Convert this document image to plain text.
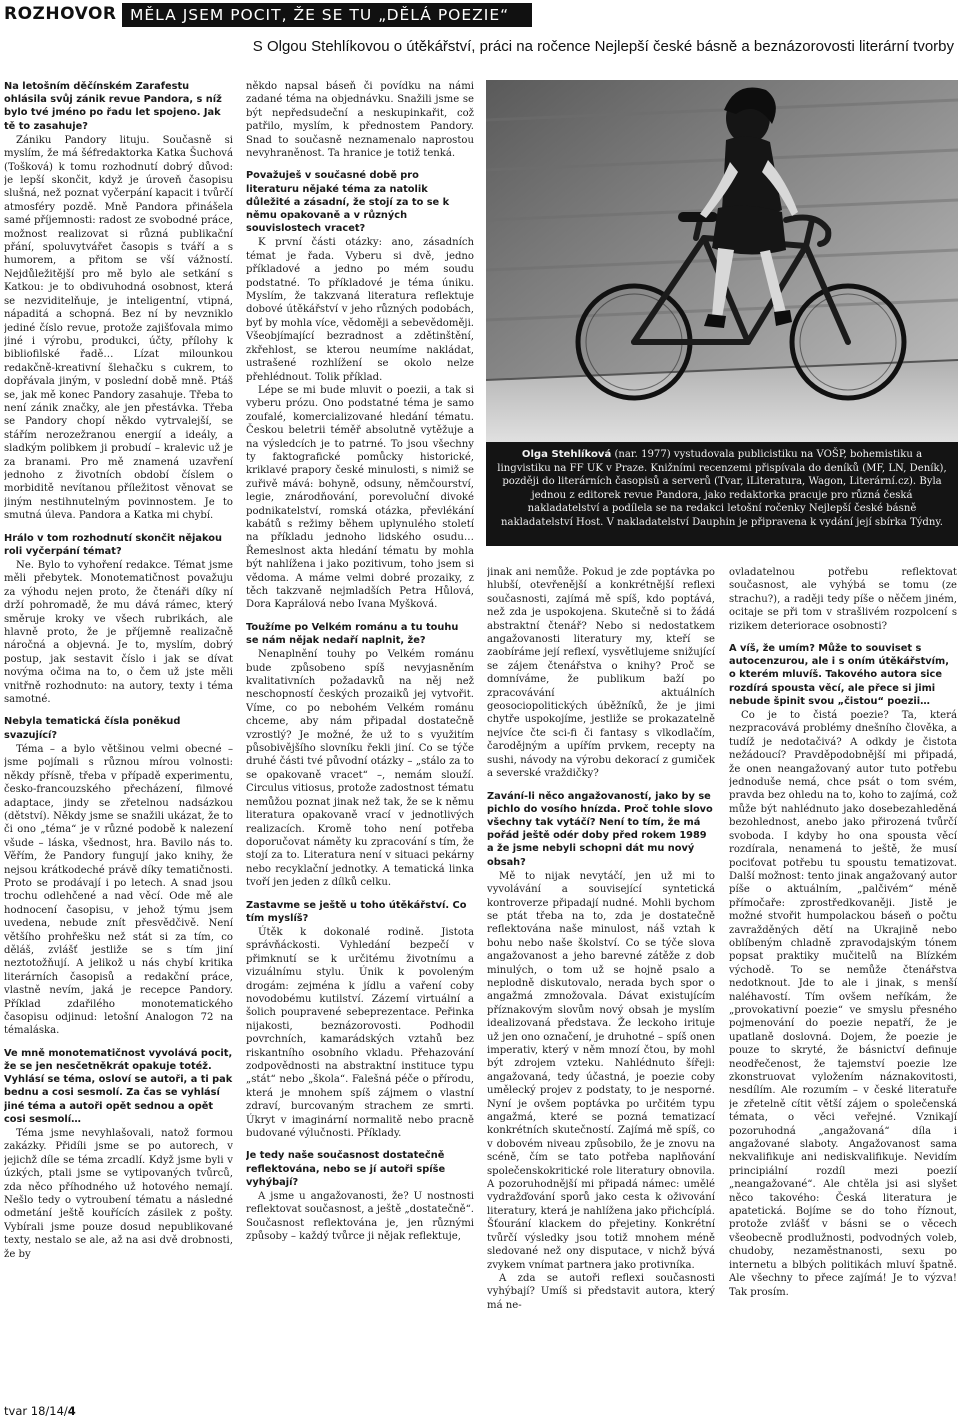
ROZHOVOR MĚLA JSEM POCIT, ŽE SE TU „DĚLÁ POEZIE“
S Olgou Stehlíkovou o útěkářství, práci na ročence Nejlepší české básně a beznázorovosti literární tvorby

Na letošním děčínském Zarafestu ohlásila svůj zánik revue Pandora, s níž bylo tvé jméno po řadu let spojeno. Jak tě to zasahuje?

Zániku Pandory lituju. Současně si myslím, že má šéfredaktorka Katka Šuchová (Tošková) k tomu rozhodnutí dobrý důvod: je lepší skončit, když je úroveň časopisu slušná, než poznat vyčerpání kapacit i tvůrčí atmosféry pozdě. Mně Pandora přinášela samé příjemnosti: radost ze svobodné práce, možnost realizovat si různá publikační přání, spoluvytvářet časopis s tváří a s humorem, a přitom se vší vážností. Nejdůležitější pro mě bylo ale setkání s Katkou: je to obdivuhodná osobnost, která se nezviditelňuje, je inteligentní, vtipná, nápaditá a schopná. Bez ní by nevzniklo jediné číslo revue, protože zajišťovala mimo jiné i výrobu, produkci, účty, přílohy k bibliofilské řadě… Lízat milounkou redakčně-kreativní šlehačku s cukrem, to dopřávala jiným, v poslední době mně. Ptáš se, jak mě konec Pandory zasahuje. Třeba to není zánik značky, ale jen přestávka. Třeba se Pandory chopí někdo vytrvalejší, se stářím nerozežranou energií a ideály, a sladkým polibkem ji probudí – kralevic už je za branami. Pro mě znamená uzavření jednoho z životních období číslem o morbiditě nevítanou příležitost věnovat se jiným nestihnutelným povinnostem. Je to smutná úleva. Pandora a Katka mi chybí.

Hrálo v tom rozhodnutí skončit nějakou roli vyčerpání témat?

Ne. Bylo to vyhoření redakce. Témat jsme měli přebytek. Monotematičnost považuju za výhodu nejen proto, že čtenáři díky ní drží pohromadě, že mu dává rámec, který směruje kroky ve všech rubrikách, ale hlavně proto, že je příjemně realizačně náročná a objevná. Je to, myslím, dobrý postup, jak sestavit číslo i jak se dívat novýma očima na to, o čem už jste měli vnitřně rozhodnuto: na autory, texty i téma samotné.

Nebyla tematická čísla poněkud svazující?

Téma – a bylo většinou velmi obecné – jsme pojímali s různou mírou volnosti: někdy přísně, třeba v případě experimentu, česko-francouzského přecházení, filmové adaptace, jindy se zřetelnou nadsázkou (dětství). Někdy jsme se snažili ukázat, že to či ono „téma“ je v různé podobě k nalezení všude – láska, všednost, hra. Bavilo nás to. Věřím, že Pandory fungují jako knihy, že nejsou krátkodeché právě díky tematičnosti. Proto se prodávají i po letech. A snad jsou trochu odlehčené a nad věcí. Ode mě ale hodnocení časopisu, v jehož týmu jsem uvedena, nebude znít přesvědčivě. Není většího prohřešku než stát si za tím, co děláš, zvlášť jestliže se s tím jiní neztotožňují. A jelikož u nás chybí kritika literárních časopisů a redakční práce, vlastně nevím, jaká je recepce Pandory. Příklad zdařilého monotematického časopisu odjinud: letošní Analogon 72 na témaláska.

Ve mně monotematičnost vyvolává pocit, že se jen nesčetněkrát opakuje totéž. Vyhlásí se téma, osloví se autoři, a ti pak bednu a cosi sesmolí. Za čas se vyhlásí jiné téma a autoři opět sednou a opět cosi sesmolí…

Téma jsme nevyhlašovali, natož formou zakázky. Přidíli jsme se po autorech, v jejichž díle se téma zrcadlí. Když jsme byli v úzkých, ptali jsme se vytipovaných tvůrců, zda něco příhodného už hotového nemají. Nešlo tedy o vytroubení tématu a následné odmetání ještě kouřících zásilek z pošty. Vybírali jsme pouze dosud nepublikované texty, nestalo se ale, až na asi dvě drobnosti, že by

někdo napsal báseň či povídku na námi zadané téma na objednávku. Snažili jsme se být nepředsudeční a neskupinkařit, což patřilo, myslím, k přednostem Pandory. Snad to současně neznamenalo naprostou nevyhraněnost. Ta hranice je totiž tenká.

Považuješ v současné době pro literaturu nějaké téma za natolik důležité a zásadní, že stojí za to se k němu opakovaně a v různých souvislostech vracet?

K první části otázky: ano, zásadních témat je řada. Vyberu si dvě, jedno příkladové a jedno po mém soudu podstatné. To příkladové je téma úniku. Myslím, že takzvaná literatura reflektuje dobové útěkářství v jeho různých podobách, byť by mohla více, vědoměji a sebevědoměji. Všeobjímající bezradnost a zdětinštění, zkřehlost, se kterou neumíme nakládat, ustrašené rozhlížení se okolo nelze přehlédnout. Tolik příklad.

Lépe se mi bude mluvit o poezii, a tak si vyberu prózu. Ono podstatné téma je samo zoufalé, komercializované hledání tématu. Českou beletrii téměř absolutně vytěžuje a na výsledcích je to patrné. To jsou všechny ty faktografické pomůcky historické, kriklavé prapory české minulosti, s nimiž se zuřivě mává: bohyně, odsuny, němčourství, legie, znárodňování, porevoluční divoké podnikatelství, romská otázka, převlékání kabátů s režimy během uplynulého století na příkladu jednoho lidského osudu… Řemeslnost akta hledání tématu by mohla být nahlížena i jako pozitivum, toho jsem si vědoma. A máme velmi dobré prozaiky, z těch takzvaně nejmladších Petra Hůlová, Dora Kaprálová nebo Ivana Myšková.

Toužíme po Velkém románu a tu touhu se nám nějak nedaří naplnit, že?

Nenaplnění touhy po Velkém románu bude způsobeno spíš nevyjasněním kvalitativních požadavků na něj než neschopností českých prozaiků jej vytvořit. Víme, co po nebohém Velkém románu chceme, aby nám připadal dostatečně vzrostlý? Je možné, že už to s využitím působivějšího slovníku řekli jiní. Co se týče druhé části tvé původní otázky – „stálo za to se opakovaně vracet“ –, nemám slouží. Circulus vitiosus, protože zadostnost tématu nemůžou poznat jinak než tak, že se k němu literatura opakovaně vrací v jednotlivých realizacích. Kromě toho není potřeba doporučovat náměty ku zpracování s tím, že stojí za to. Literatura není v situaci pekárny nebo recyklační jednotky. A tematická linka tvoří jen jeden z dílků celku.

Zastavme se ještě u toho útěkářství. Co tím myslíš?

Útěk k dokonalé rodině. Jistota správňáckosti. Vyhledání bezpečí v přimknutí se k určitému životnímu a vizuálnímu stylu. Únik k povoleným drogám: zejména k jídlu a vaření coby novodobému kutilství. Zázemí virtuální a šolich poupravené sebeprezentace. Peřinka nijakosti, beznázorovosti. Podhodil povrchních, kamarádských vztahů bez riskantního osobního vkladu. Přehazování zodpovědnosti na abstraktní instituce typu „stát“ nebo „škola“. Falešná péče o přírodu, která je mnohem spíš zájmem o vlastní zdraví, burcovaným strachem ze smrti. Úkryt v imaginární normalitě nebo pracně budované výlučnosti. Příklady.

Je tedy naše současnost dostatečně reflektována, nebo se jí autoři spíše vyhýbají?

A jsme u angažovanosti, že? U nostnosti reflektovat současnost, a ještě „dostatečně“. Současnost reflektována je, jen různými způsoby – každý tvůrce ji nějak reflektuje,

Olga Stehlíková (nar. 1977) vystudovala publicistiku na VOŠP, bohemistiku a lingvistiku na FF UK v Praze. Knižními recenzemi přispívala do deníků (MF, LN, Deník), později do literárních časopisů a serverů (Tvar, iLiteratura, Wagon, Literární.cz). Byla jednou z editorek revue Pandora, jako redaktorka pracuje pro různá česká nakladatelství a podílela se na redakci letošní ročenky Nejlepší české básně nakladatelství Host. V nakladatelství Dauphin je připravena k vydání její sbírka Týdny.

jinak ani nemůže. Pokud je zde poptávka po hlubší, otevřenější a konkrétnější reflexi současnosti, zajímá mě spíš, kdo poptává, než zda je uspokojena. Skutečně si to žádá abstraktní čtenář? Nebo si nedostatkem angažovanosti literatury my, kteří se zaobíráme její reflexí, vysvětlujeme snižující se zájem čtenářstva o knihy? Proč se domníváme, že publikum baží po zpracovávání aktuálních geosociopolitických úběžníků, že je jimi chytře uspokojíme, jestliže se prokazatelně nejvíce čte sci-fi či fantasy s vlkodlačím, čarodějným a upířím prvkem, recepty na sushi, návody na výrobu dekorací z gumiček a severské vraždičky?

Zavání-li něco angažovaností, jako by se pichlo do vosího hnízda. Proč tohle slovo všechny tak vytáčí? Není to tím, že má pořád ještě odér doby před rokem 1989 a že jsme nebyli schopni dát mu nový obsah?

Mě to nijak nevytáčí, jen už mi to vyvolávání a související syntetická kontroverze připadají nudné. Mohli bychom se ptát třeba na to, zda je dostatečně reflektována naše minulost, náš vztah k bohu nebo naše školství. Co se týče slova angažovanost a jeho barevné zátěže z dob minulých, o tom už se hojně psalo a neplodně diskutovalo, nerada bych spor o angažmá zmnožovala. Dávat existujícím příznakovým slovům nový obsah je myslím idealizovaná představa. Že leckoho irituje už jen ono označení, je druhotné – spíš onen imperativ, který v něm mnozí čtou, by mohl být zdrojem vzteku. Nahlédnuto šířeji: angažovaná, tedy účastná, je poezie coby umělecký projev z podstaty, to je nesporné. Nyní je ovšem poptávka po určitém typu angažmá, které se pozná tematizací konkrétních skutečností. Zajímá mě spíš, co v dobovém niveau způsobilo, že je znovu na scéně, čím se tato potřeba naplňování společenskokritické role literatury obnovila. A pozoruhodnější mi připadá námec: umělé vydražďování sporů jako cesta k oživování literatury, která je nahlížena jako přichcíplá. Šťourání klackem do přejetiny. Konkrétní tvůrčí výsledky jsou totiž mnohem méně sledované než ony disputace, v nichž bývá zvykem vnímat partnera jako protivníka.

A zda se autoři reflexi současnosti vyhýbají? Umíš si představit autora, který má ne-

ovladatelnou potřebu reflektovat současnost, ale vyhýbá se tomu (ze strachu?), a raději tedy píše o něčem jiném, ocitaje se při tom v strašlivém rozpolcení s rizikem deteriorace osobnosti?

A víš, že umím? Může to souviset s autocenzurou, ale i s oním útěkářstvím, o kterém mluvíš. Takového autora sice rozdírá spousta věcí, ale přece si jimi nebude špinit svou „čistou“ poezii…

Co je to čistá poezie? Ta, která nezpracovává problémy dnešního člověka, a tudíž je nedotačivá? A odkdy je čistota nežádoucí? Pravděpodobnější mi připadá, že onen neangažovaný autor tuto potřebu jednoduše nemá, chce psát o tom svém, pravda bez ohledu na to, koho to zajímá, což může být nahlédnuto jako dosebezahleděná bezohlednost, anebo jako přirozená tvůrčí svoboda. I kdyby ho ona spousta věcí rozdírala, nenamená to ještě, že musí pociťovat potřebu tu spoustu tematizovat. Další možnost: tento jinak angažovaný autor píše o aktuálním, „palčivém“ méně přímočaře: zprostředkovaněji. Jistě je možné stvořit humpolackou báseň o počtu zavražděných dětí na Ukrajině nebo oblíbeným chladně zpravodajským tónem popsat praktiky mučitelů na Blízkém východě. To se nemůže čtenářstva nedotknout. Jde to ale i jinak, s menší naléhavostí. Tím ovšem neříkám, že „provokativní poezie“ ve smyslu přesného pojmenování do poezie nepatří, že je upatlaně doslovná. Dojem, že poezie je pouze to skryté, že básnictví definuje neodřečenost, že tajemství poezie lze zkonstruovat vyložením náznakovitosti, nesdílím. Ale rozumím – v české literatuře je zřetelně cítit větší zájem o společenská témata, o věci veřejné. Vznikají pozoruhodná „angažovaná“ díla i angažované slaboty. Angažovanost sama nekvalifikuje ani nediskvalifikuje. Nevidím principiální rozdíl mezi poezií „neangažované“. Ale chtěla jsi asi slyšet něco takového: Česká literatura je apatetická. Bojíme se do toho říznout, protože zvlášť v básni se o věcech všeobecně prodlužnosti, podvodných voleb, chudoby, nezaměstnanosti, sexu po internetu a blbých politikách mluví špatně. Ale všechny to přece zajímá! Je to výzva! Tak prosím.

tvar 18/14/4
